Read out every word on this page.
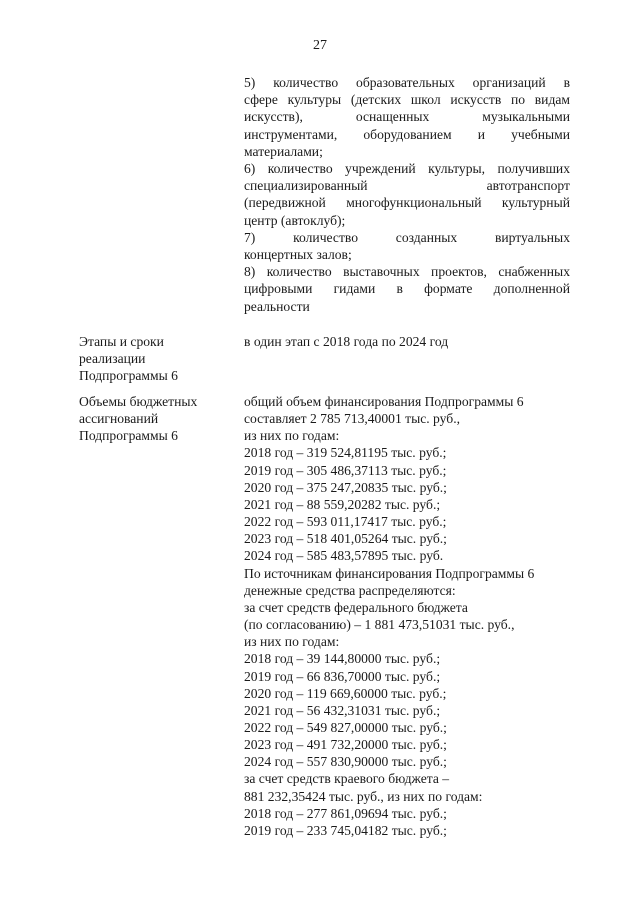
27
5) количество образовательных организаций в
сфере культуры (детских школ искусств по видам
искусств), оснащенных музыкальными
инструментами, оборудованием и учебными
материалами;
6) количество учреждений культуры, получивших
специализированный автотранспорт
(передвижной многофункциональный культурный
центр (автоклуб);
7) количество созданных виртуальных
концертных залов;
8) количество выставочных проектов, снабженных
цифровыми гидами в формате дополненной
реальности
Этапы и сроки
реализации
Подпрограммы 6
в один этап с 2018 года по 2024 год
Объемы бюджетных
ассигнований
Подпрограммы 6
общий объем финансирования Подпрограммы 6
составляет 2 785 713,40001 тыс. руб.,
из них по годам:
2018 год – 319 524,81195 тыс. руб.;
2019 год – 305 486,37113 тыс. руб.;
2020 год – 375 247,20835 тыс. руб.;
2021 год – 88 559,20282 тыс. руб.;
2022 год – 593 011,17417 тыс. руб.;
2023 год – 518 401,05264 тыс. руб.;
2024 год – 585 483,57895 тыс. руб.
По источникам финансирования Подпрограммы 6
денежные средства распределяются:
за счет средств федерального бюджета
(по согласованию) – 1 881 473,51031 тыс. руб.,
из них по годам:
2018 год – 39 144,80000 тыс. руб.;
2019 год – 66 836,70000 тыс. руб.;
2020 год – 119 669,60000 тыс. руб.;
2021 год – 56 432,31031 тыс. руб.;
2022 год – 549 827,00000 тыс. руб.;
2023 год – 491 732,20000 тыс. руб.;
2024 год – 557 830,90000 тыс. руб.;
за счет средств краевого бюджета –
881 232,35424 тыс. руб., из них по годам:
2018 год – 277 861,09694 тыс. руб.;
2019 год – 233 745,04182 тыс. руб.;
